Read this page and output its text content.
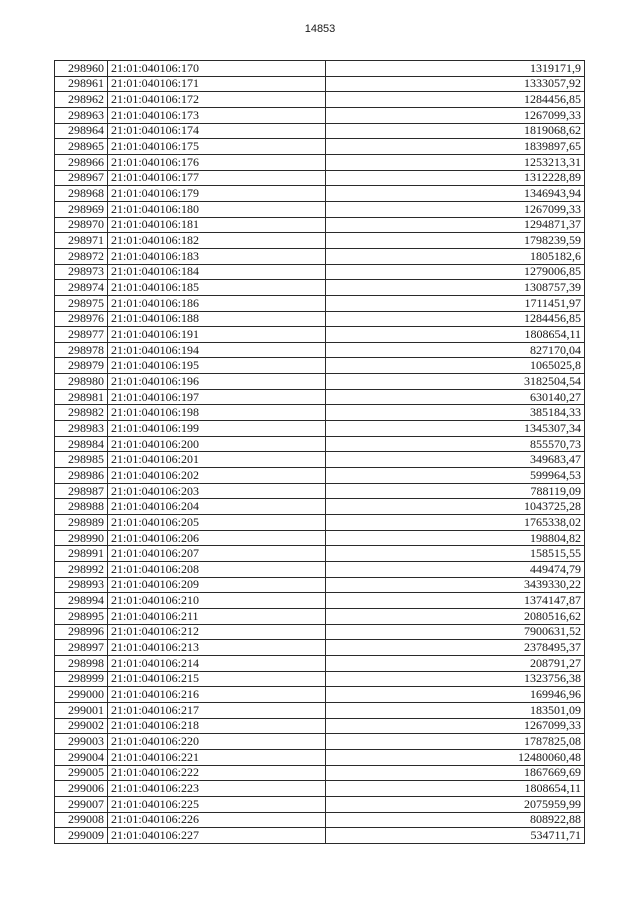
14853
298960	21:01:040106:170	1319171,9
298961	21:01:040106:171	1333057,92
298962	21:01:040106:172	1284456,85
298963	21:01:040106:173	1267099,33
298964	21:01:040106:174	1819068,62
298965	21:01:040106:175	1839897,65
298966	21:01:040106:176	1253213,31
298967	21:01:040106:177	1312228,89
298968	21:01:040106:179	1346943,94
298969	21:01:040106:180	1267099,33
298970	21:01:040106:181	1294871,37
298971	21:01:040106:182	1798239,59
298972	21:01:040106:183	1805182,6
298973	21:01:040106:184	1279006,85
298974	21:01:040106:185	1308757,39
298975	21:01:040106:186	1711451,97
298976	21:01:040106:188	1284456,85
298977	21:01:040106:191	1808654,11
298978	21:01:040106:194	827170,04
298979	21:01:040106:195	1065025,8
298980	21:01:040106:196	3182504,54
298981	21:01:040106:197	630140,27
298982	21:01:040106:198	385184,33
298983	21:01:040106:199	1345307,34
298984	21:01:040106:200	855570,73
298985	21:01:040106:201	349683,47
298986	21:01:040106:202	599964,53
298987	21:01:040106:203	788119,09
298988	21:01:040106:204	1043725,28
298989	21:01:040106:205	1765338,02
298990	21:01:040106:206	198804,82
298991	21:01:040106:207	158515,55
298992	21:01:040106:208	449474,79
298993	21:01:040106:209	3439330,22
298994	21:01:040106:210	1374147,87
298995	21:01:040106:211	2080516,62
298996	21:01:040106:212	7900631,52
298997	21:01:040106:213	2378495,37
298998	21:01:040106:214	208791,27
298999	21:01:040106:215	1323756,38
299000	21:01:040106:216	169946,96
299001	21:01:040106:217	183501,09
299002	21:01:040106:218	1267099,33
299003	21:01:040106:220	1787825,08
299004	21:01:040106:221	12480060,48
299005	21:01:040106:222	1867669,69
299006	21:01:040106:223	1808654,11
299007	21:01:040106:225	2075959,99
299008	21:01:040106:226	808922,88
299009	21:01:040106:227	534711,71
